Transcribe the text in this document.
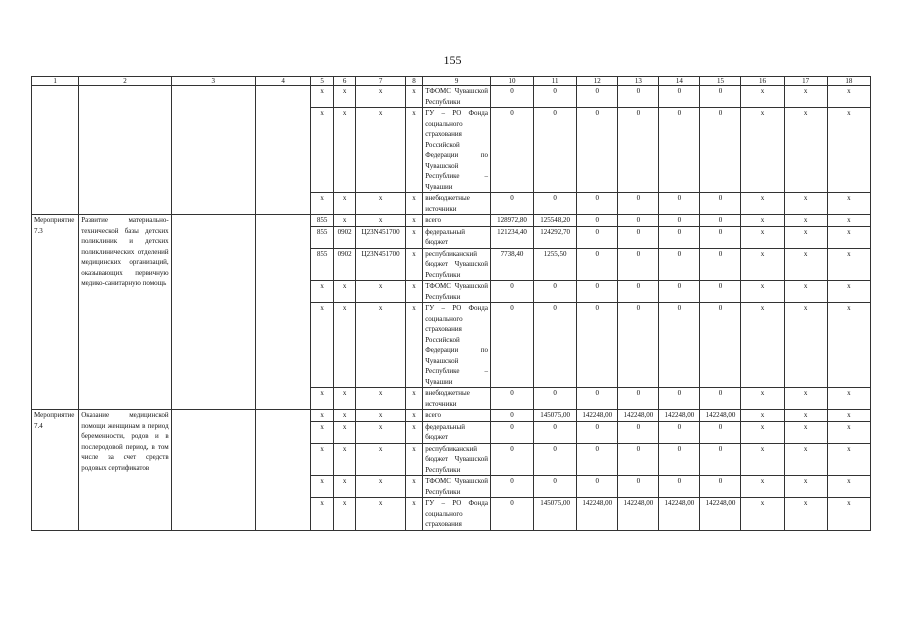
155
1	2	3	4	5	6	7	8	9	10	11	12	13	14	15	16	17	18
				х	х	х	х	ТФОМС Чувашской Республики	0	0	0	0	0	0	х	х	х
				х	х	х	х	ГУ – РО Фонда социального страхования Российской Федерации по Чувашской Республике – Чувашии	0	0	0	0	0	0	х	х	х
				х	х	х	х	внебюджетные источники	0	0	0	0	0	0	х	х	х
Мероприятие 7.3	Развитие материально-технической базы детских поликлиник и детских поликлинических отделений медицинских организаций, оказывающих первичную медико-санитарную помощь			855	х	х	х	всего	128972,80	125548,20	0	0	0	0	х	х	х
				855	0902	Ц23N451700	х	федеральный бюджет	121234,40	124292,70	0	0	0	0	х	х	х
				855	0902	Ц23N451700	х	республиканский бюджет Чувашской Республики	7738,40	1255,50	0	0	0	0	х	х	х
				х	х	х	х	ТФОМС Чувашской Республики	0	0	0	0	0	0	х	х	х
				х	х	х	х	ГУ – РО Фонда социального страхования Российской Федерации по Чувашской Республике – Чувашии	0	0	0	0	0	0	х	х	х
				х	х	х	х	внебюджетные источники	0	0	0	0	0	0	х	х	х
Мероприятие 7.4	Оказание медицинской помощи женщинам в период беременности, родов и в послеродовой период, в том числе за счет средств родовых сертификатов			х	х	х	х	всего	0	145075,00	142248,00	142248,00	142248,00	142248,00	х	х	х
				х	х	х	х	федеральный бюджет	0	0	0	0	0	0	х	х	х
				х	х	х	х	республиканский бюджет Чувашской Республики	0	0	0	0	0	0	х	х	х
				х	х	х	х	ТФОМС Чувашской Республики	0	0	0	0	0	0	х	х	х
				х	х	х	х	ГУ – РО Фонда социального страхования	0	145075,00	142248,00	142248,00	142248,00	142248,00	х	х	х
